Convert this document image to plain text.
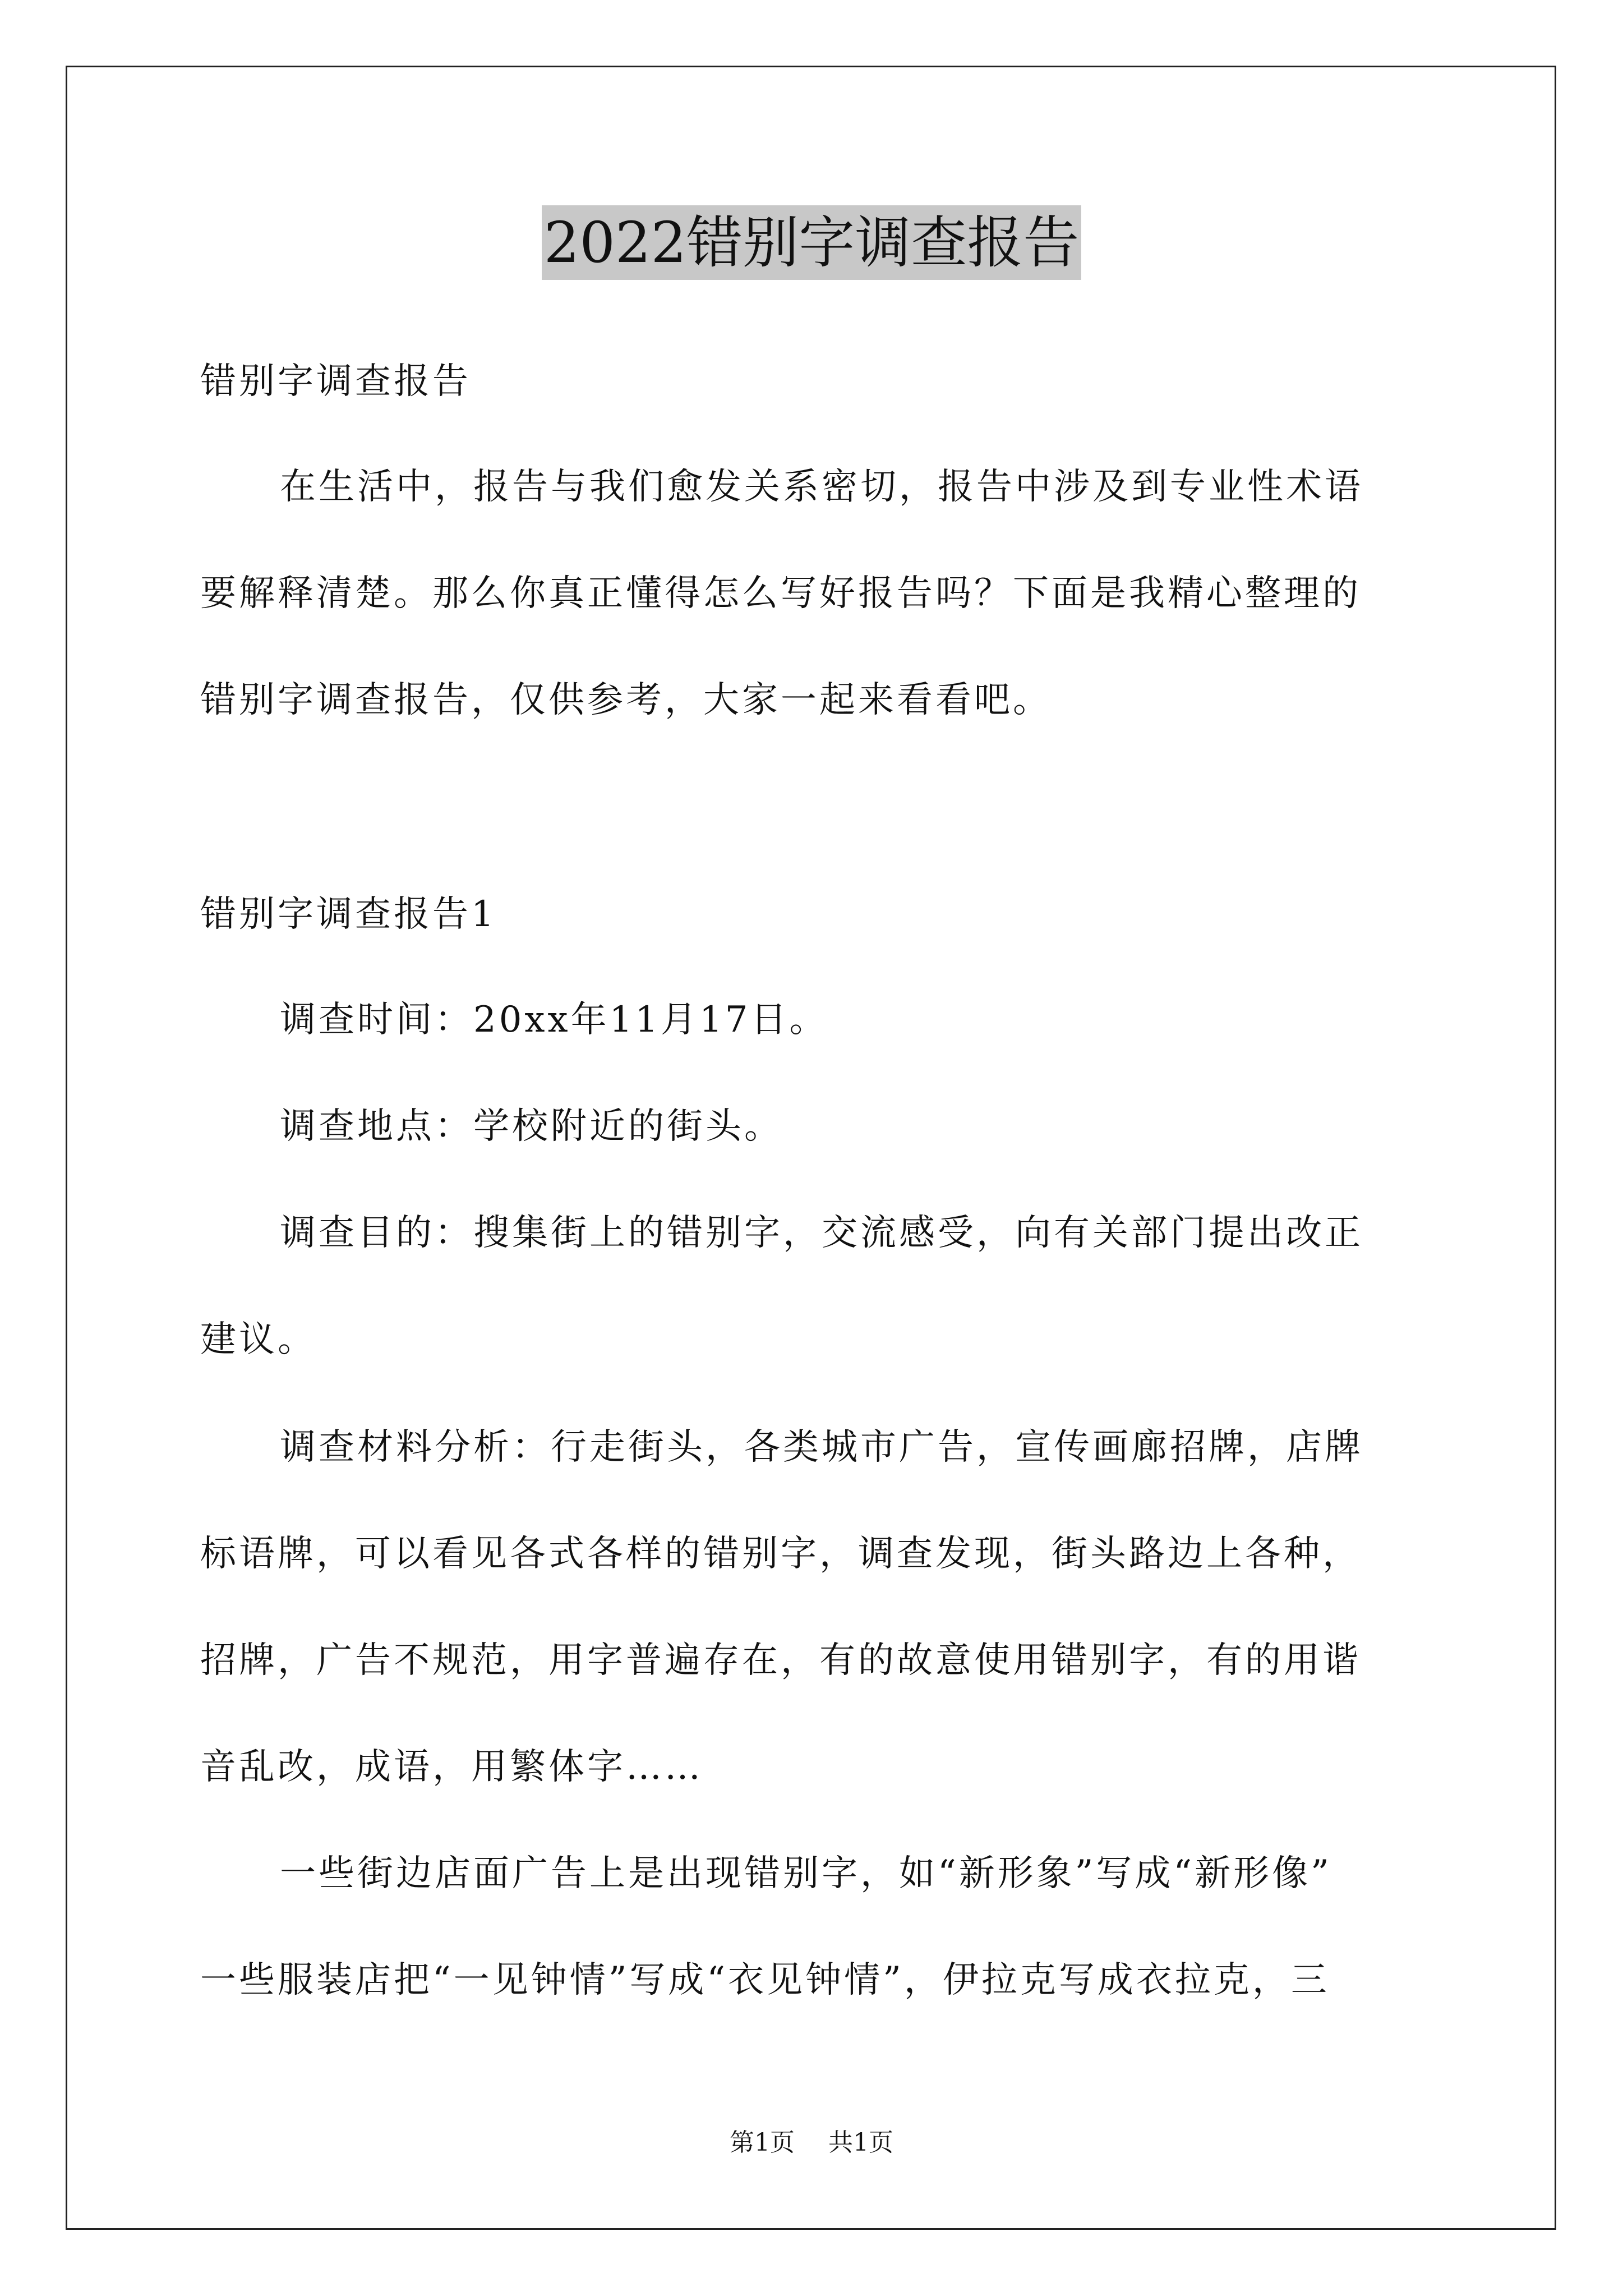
2022错别字调查报告

错别字调查报告

在生活中，报告与我们愈发关系密切，报告中涉及到专业性术语

要解释清楚。那么你真正懂得怎么写好报告吗？下面是我精心整理的

错别字调查报告，仅供参考，大家一起来看看吧。

错别字调查报告1

调查时间：20xx年11月17日。

调查地点：学校附近的街头。

调查目的：搜集街上的错别字，交流感受，向有关部门提出改正

建议。

调查材料分析：行走街头，各类城市广告，宣传画廊招牌，店牌

标语牌，可以看见各式各样的错别字，调查发现，街头路边上各种，

招牌，广告不规范，用字普遍存在，有的故意使用错别字，有的用谐

音乱改，成语，用繁体字……

一些街边店面广告上是出现错别字，如“新形象”写成“新形像”

一些服装店把“一见钟情”写成“衣见钟情”，伊拉克写成衣拉克，三

第1页 共1页
